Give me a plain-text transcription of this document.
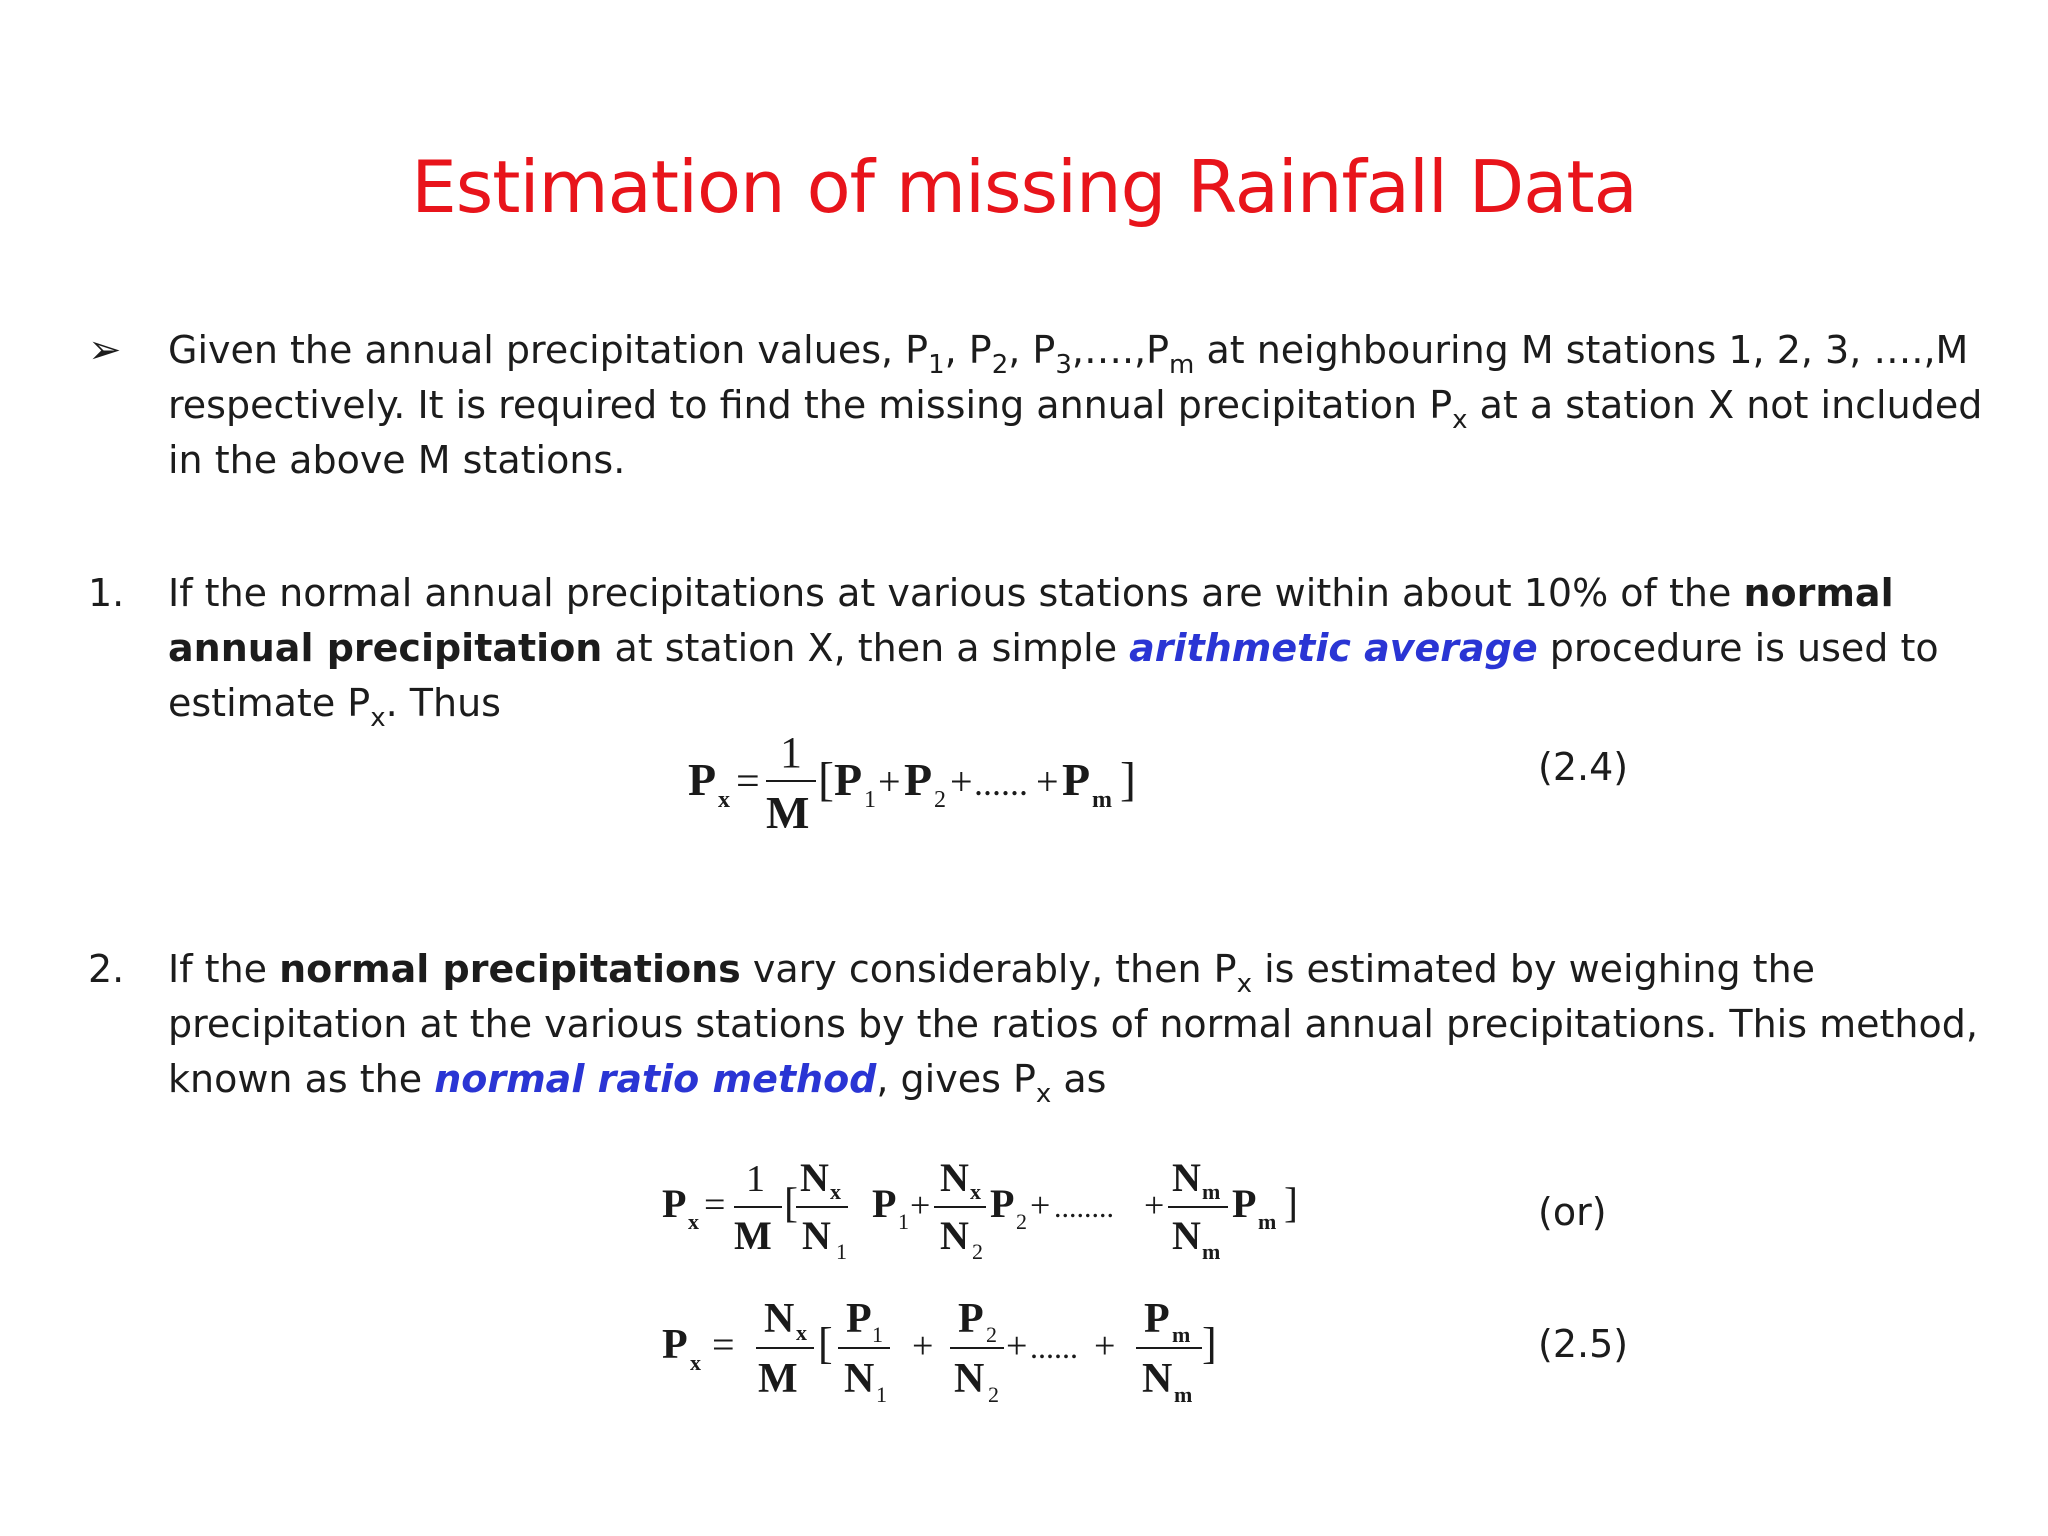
Estimation of missing Rainfall Data
➢ Given the annual precipitation values, $P_1$, $P_2$, $P_3,\dots.,P_m$ at neighbouring M stations 1, 2, 3, ….,M respectively. It is required to find the missing annual precipitation $P_x$ at a station X not included in the above M stations.
1. If the normal annual precipitations at various stations are within about 10% of the normal annual precipitation at station X, then a simple arithmetic average procedure is used to estimate $P_x$. Thus
P x =
1
M
[ P 1 + P 2 + ...... + P m ]	(2.4)
2. If the normal precipitations vary considerably, then $P_x$ is estimated by weighing the precipitation at the various stations by the ratios of normal annual precipitations. This method, known as the normal ratio method, gives $P_x$ as
P x =
1
M
[
N x
N 1
P 1 +
N x
N 2
P 2 + ........ +
N m
N m
P m ]	(or)
P x =
N x
M
[ P 1
N 1
+
P 2
N 2
+ ...... +
P m
N m
]	(2.5)
